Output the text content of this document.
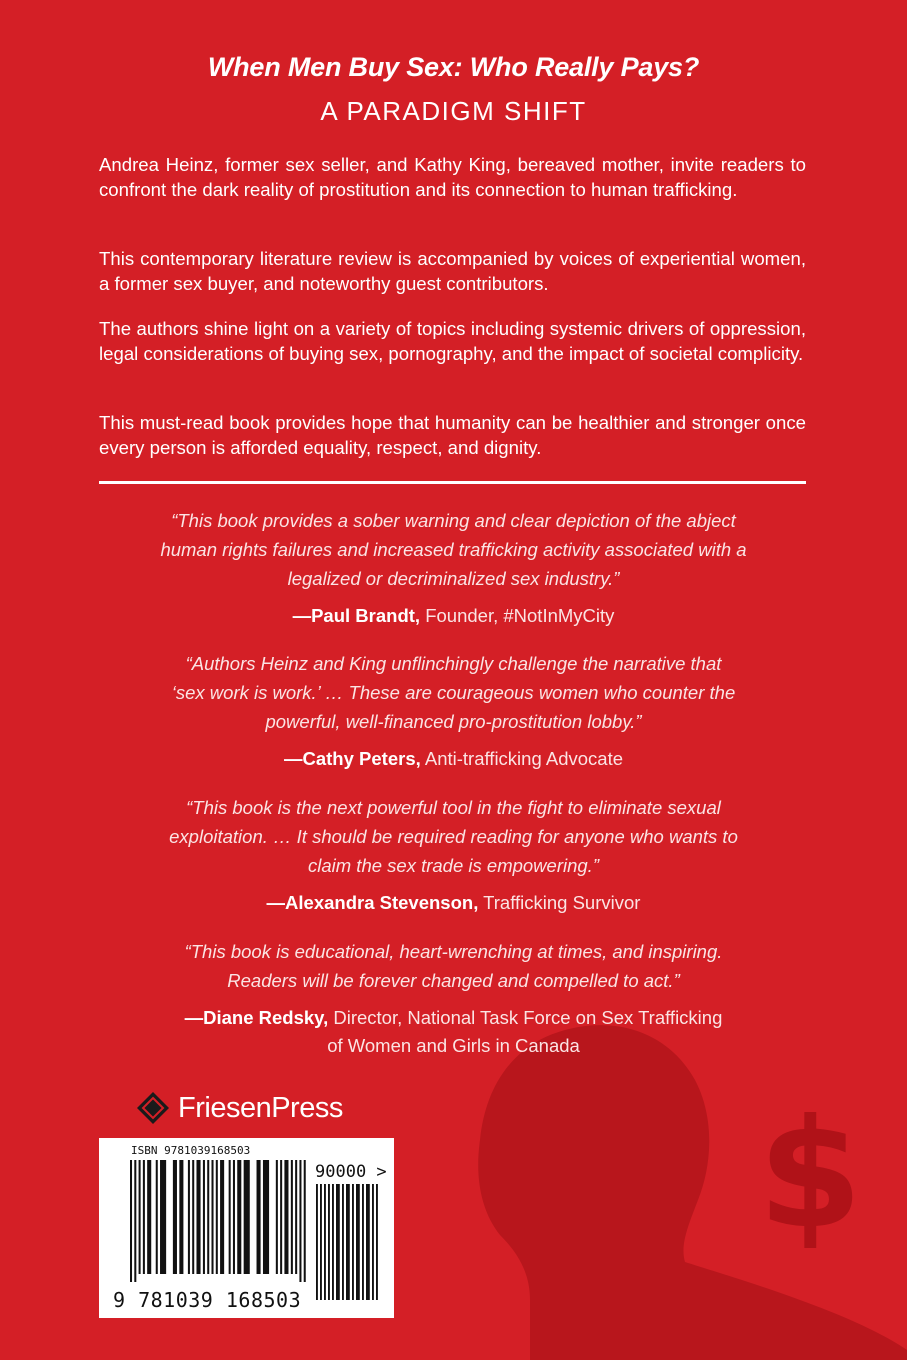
$
When Men Buy Sex: Who Really Pays?
A PARADIGM SHIFT

Andrea Heinz, former sex seller, and Kathy King, bereaved mother, invite readers to confront the dark reality of prostitution and its connection to human trafficking.

This contemporary literature review is accompanied by voices of experiential women, a former sex buyer, and noteworthy guest contributors.

The authors shine light on a variety of topics including systemic drivers of oppression, legal considerations of buying sex, pornography, and the impact of societal complicity.

This must-read book provides hope that humanity can be healthier and stronger once every person is afforded equality, respect, and dignity.

“This book provides a sober warning and clear depiction of the abject human rights failures and increased trafficking activity associated with a legalized or decriminalized sex industry.”

—Paul Brandt, Founder, #NotInMyCity

“Authors Heinz and King unflinchingly challenge the narrative that ‘sex work is work.’ … These are courageous women who counter the powerful, well-financed pro-prostitution lobby.”

—Cathy Peters, Anti-trafficking Advocate

“This book is the next powerful tool in the fight to eliminate sexual exploitation. … It should be required reading for anyone who wants to claim the sex trade is empowering.”

—Alexandra Stevenson, Trafficking Survivor

“This book is educational, heart-wrenching at times, and inspiring. Readers will be forever changed and compelled to act.”

—Diane Redsky, Director, National Task Force on Sex Trafficking of Women and Girls in Canada

FriesenPress
ISBN 9781039168503
90000 >
9 781039 168503
